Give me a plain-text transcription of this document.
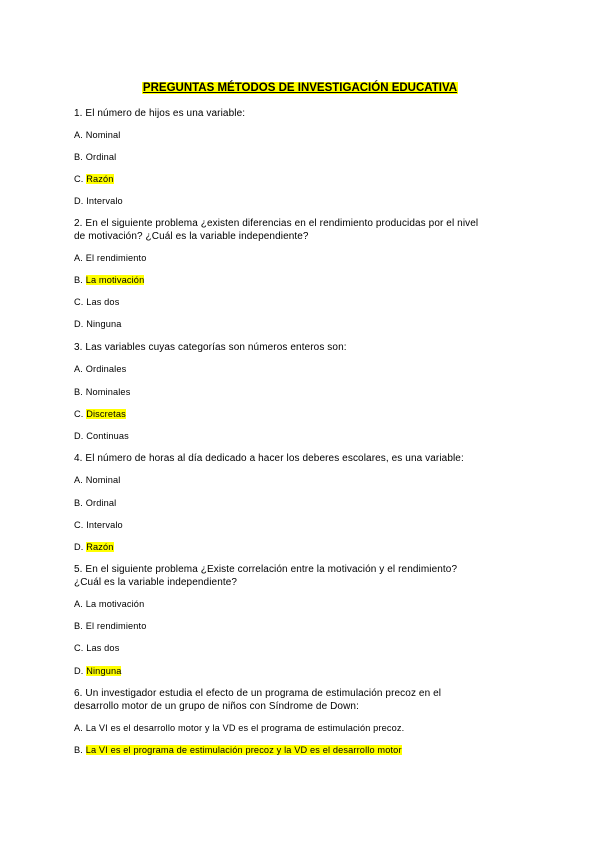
PREGUNTAS MÉTODOS DE INVESTIGACIÓN EDUCATIVA
1. El número de hijos es una variable:
A. Nominal
B. Ordinal
C. Razón
D. Intervalo
2. En el siguiente problema ¿existen diferencias en el rendimiento producidas por el nivel
de motivación? ¿Cuál es la variable independiente?
A. El rendimiento
B. La motivación
C. Las dos
D. Ninguna
3. Las variables cuyas categorías son números enteros son:
A. Ordinales
B. Nominales
C. Discretas
D. Continuas
4. El número de horas al día dedicado a hacer los deberes escolares, es una variable:
A. Nominal
B. Ordinal
C. Intervalo
D. Razón
5. En el siguiente problema ¿Existe correlación entre la motivación y el rendimiento?
¿Cuál es la variable independiente?
A. La motivación
B. El rendimiento
C. Las dos
D. Ninguna
6. Un investigador estudia el efecto de un programa de estimulación precoz en el
desarrollo motor de un grupo de niños con Síndrome de Down:
A. La VI es el desarrollo motor y la VD es el programa de estimulación precoz.
B. La VI es el programa de estimulación precoz y la VD es el desarrollo motor
